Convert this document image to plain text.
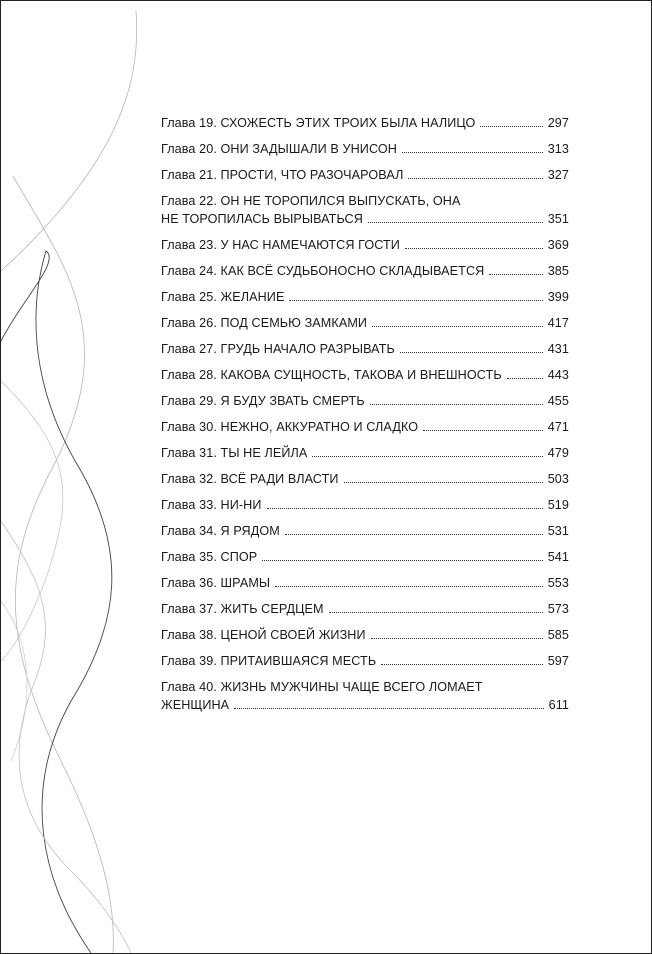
Глава 19. СХОЖЕСТЬ ЭТИХ ТРОИХ БЫЛА НАЛИЦО	297
Глава 20. ОНИ ЗАДЫШАЛИ В УНИСОН	313
Глава 21. ПРОСТИ, ЧТО РАЗОЧАРОВАЛ	327
Глава 22. ОН НЕ ТОРОПИЛСЯ ВЫПУСКАТЬ, ОНА
НЕ ТОРОПИЛАСЬ ВЫРЫВАТЬСЯ	351
Глава 23. У НАС НАМЕЧАЮТСЯ ГОСТИ	369
Глава 24. КАК ВСЁ СУДЬБОНОСНО СКЛАДЫВАЕТСЯ	385
Глава 25. ЖЕЛАНИЕ	399
Глава 26. ПОД СЕМЬЮ ЗАМКАМИ	417
Глава 27. ГРУДЬ НАЧАЛО РАЗРЫВАТЬ	431
Глава 28. КАКОВА СУЩНОСТЬ, ТАКОВА И ВНЕШНОСТЬ	443
Глава 29. Я БУДУ ЗВАТЬ СМЕРТЬ	455
Глава 30. НЕЖНО, АККУРАТНО И СЛАДКО	471
Глава 31. ТЫ НЕ ЛЕЙЛА	479
Глава 32. ВСЁ РАДИ ВЛАСТИ	503
Глава 33. НИ-НИ	519
Глава 34. Я РЯДОМ	531
Глава 35. СПОР	541
Глава 36. ШРАМЫ	553
Глава 37. ЖИТЬ СЕРДЦЕМ	573
Глава 38. ЦЕНОЙ СВОЕЙ ЖИЗНИ	585
Глава 39. ПРИТАИВШАЯСЯ МЕСТЬ	597
Глава 40. ЖИЗНЬ МУЖЧИНЫ ЧАЩЕ ВСЕГО ЛОМАЕТ
ЖЕНЩИНА	611
